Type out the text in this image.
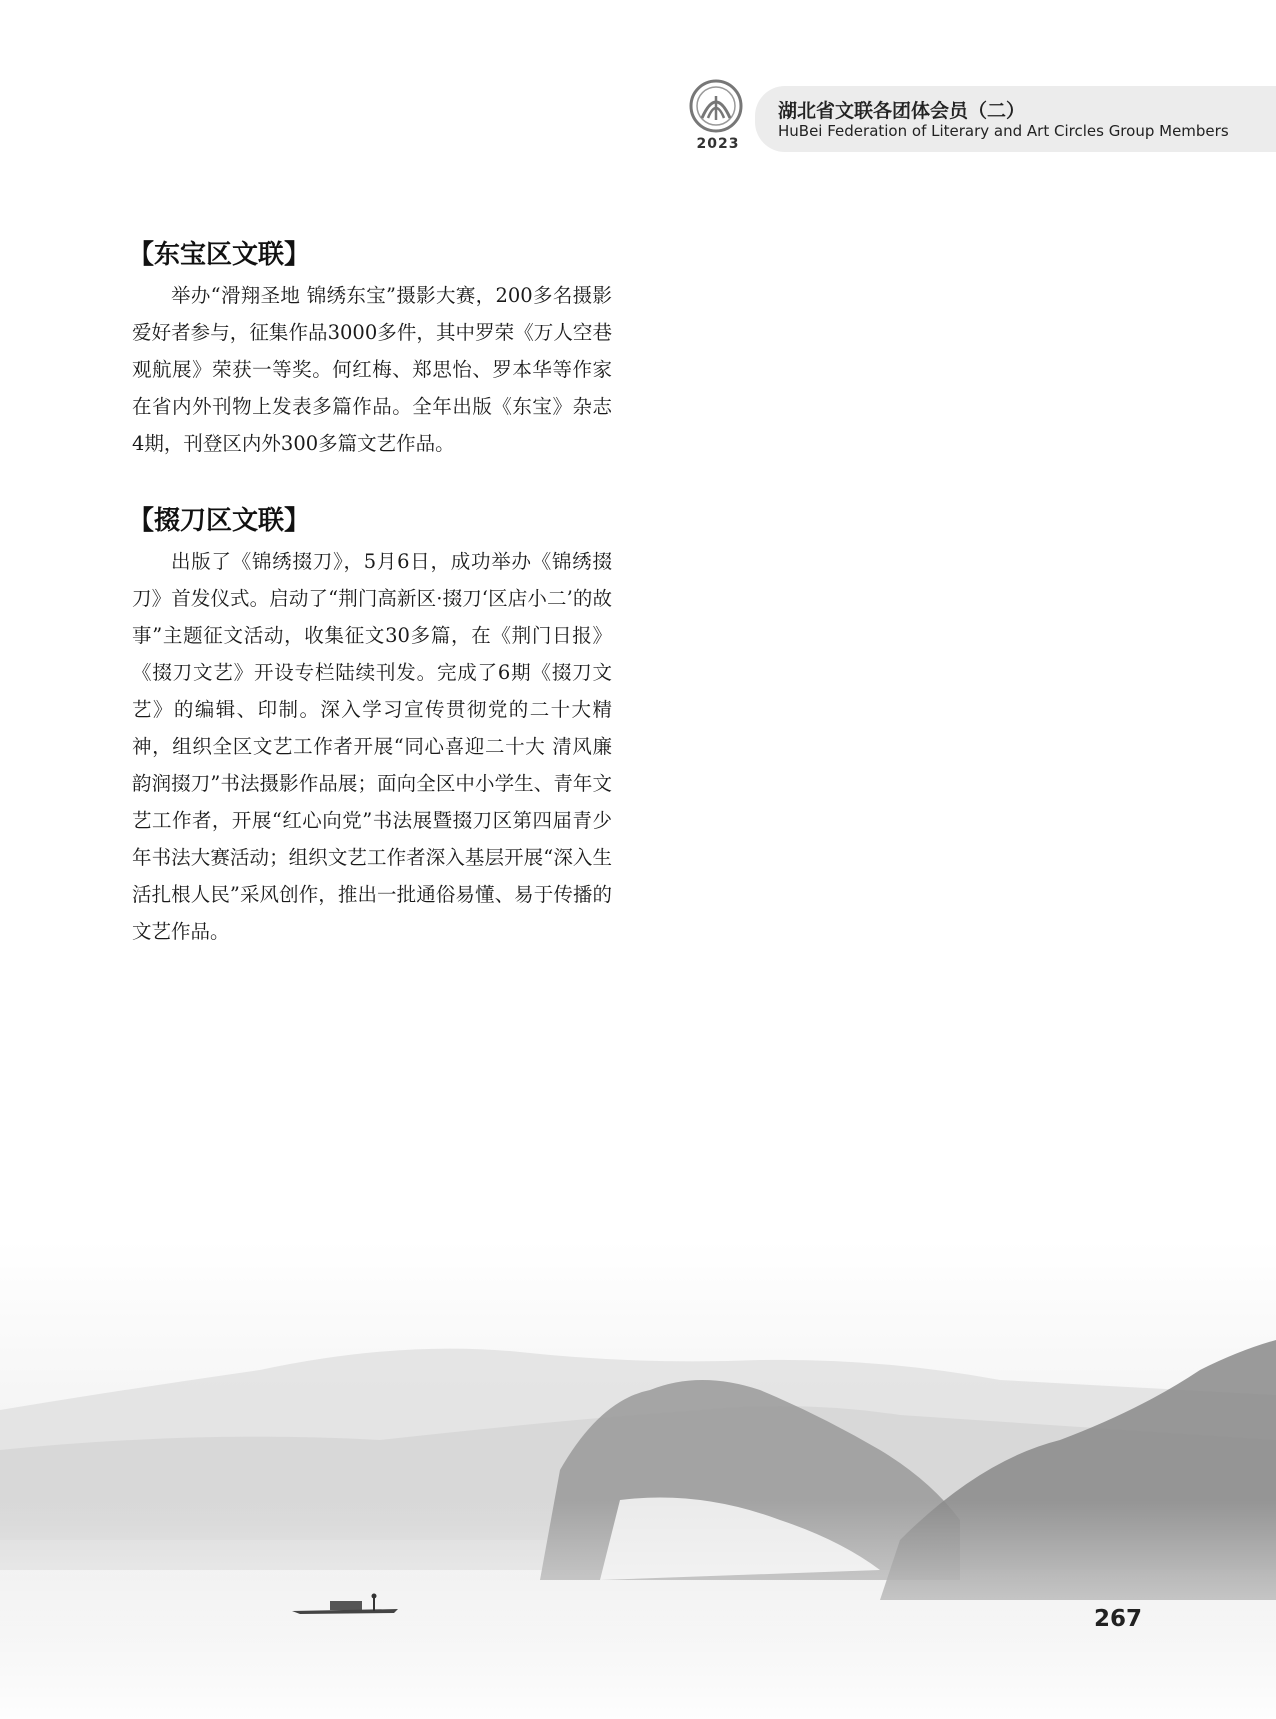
2023
湖北省文联各团体会员（二）
HuBei Federation of Literary and Art Circles Group Members
【东宝区文联】

举办“滑翔圣地 锦绣东宝”摄影大赛，200多名摄影爱好者参与，征集作品3000多件，其中罗荣《万人空巷观航展》荣获一等奖。何红梅、郑思怡、罗本华等作家在省内外刊物上发表多篇作品。全年出版《东宝》杂志4期，刊登区内外300多篇文艺作品。

【掇刀区文联】

出版了《锦绣掇刀》，5月6日，成功举办《锦绣掇刀》首发仪式。启动了“荆门高新区·掇刀‘区店小二’的故事”主题征文活动，收集征文30多篇，在《荆门日报》《掇刀文艺》开设专栏陆续刊发。完成了6期《掇刀文艺》的编辑、印制。深入学习宣传贯彻党的二十大精神，组织全区文艺工作者开展“同心喜迎二十大 清风廉韵润掇刀”书法摄影作品展；面向全区中小学生、青年文艺工作者，开展“红心向党”书法展暨掇刀区第四届青少年书法大赛活动；组织文艺工作者深入基层开展“深入生活扎根人民”采风创作，推出一批通俗易懂、易于传播的文艺作品。

267
